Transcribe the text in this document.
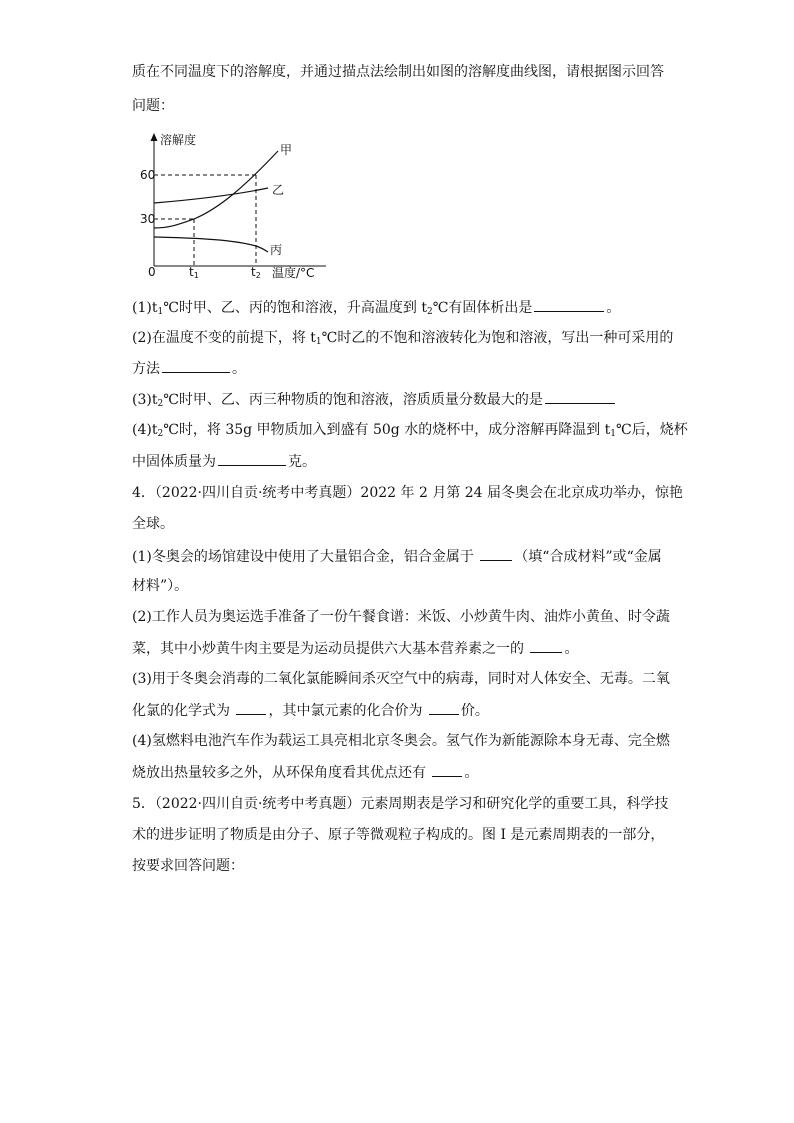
质在不同温度下的溶解度，并通过描点法绘制出如图的溶解度曲线图，请根据图示回答
问题：
溶解度
60
30
0	t1	t2 温度/°C
甲
乙
丙
$(1)t_1℃$时甲、乙、丙的饱和溶液，升高温度到 $t_2℃$有固体析出是	。
(2)在温度不变的前提下，将 $t_1℃$时乙的不饱和溶液转化为饱和溶液，写出一种可采用的
方法	。
$(3)t_2℃$时甲、乙、丙三种物质的饱和溶液，溶质质量分数最大的是
$(4)t_2℃$时，将 35g 甲物质加入到盛有 50g 水的烧杯中，成分溶解再降温到 $t_1℃$后，烧杯
中固体质量为	克。
4．（2022·四川自贡·统考中考真题）2022 年 2 月第 24 届冬奥会在北京成功举办，惊艳
全球。
(1)冬奥会的场馆建设中使用了大量铝合金，铝合金属于	（填“合成材料”或“金属
材料”）。
(2)工作人员为奥运选手准备了一份午餐食谱：米饭、小炒黄牛肉、油炸小黄鱼、时令蔬
菜，其中小炒黄牛肉主要是为运动员提供六大基本营养素之一的	。
(3)用于冬奥会消毒的二氧化氯能瞬间杀灭空气中的病毒，同时对人体安全、无毒。二氧
化氯的化学式为	，其中氯元素的化合价为	价。
(4)氢燃料电池汽车作为载运工具亮相北京冬奥会。氢气作为新能源除本身无毒、完全燃
烧放出热量较多之外，从环保角度看其优点还有	。
5．（2022·四川自贡·统考中考真题）元素周期表是学习和研究化学的重要工具，科学技
术的进步证明了物质是由分子、原子等微观粒子构成的。图 I 是元素周期表的一部分，
按要求回答问题：
